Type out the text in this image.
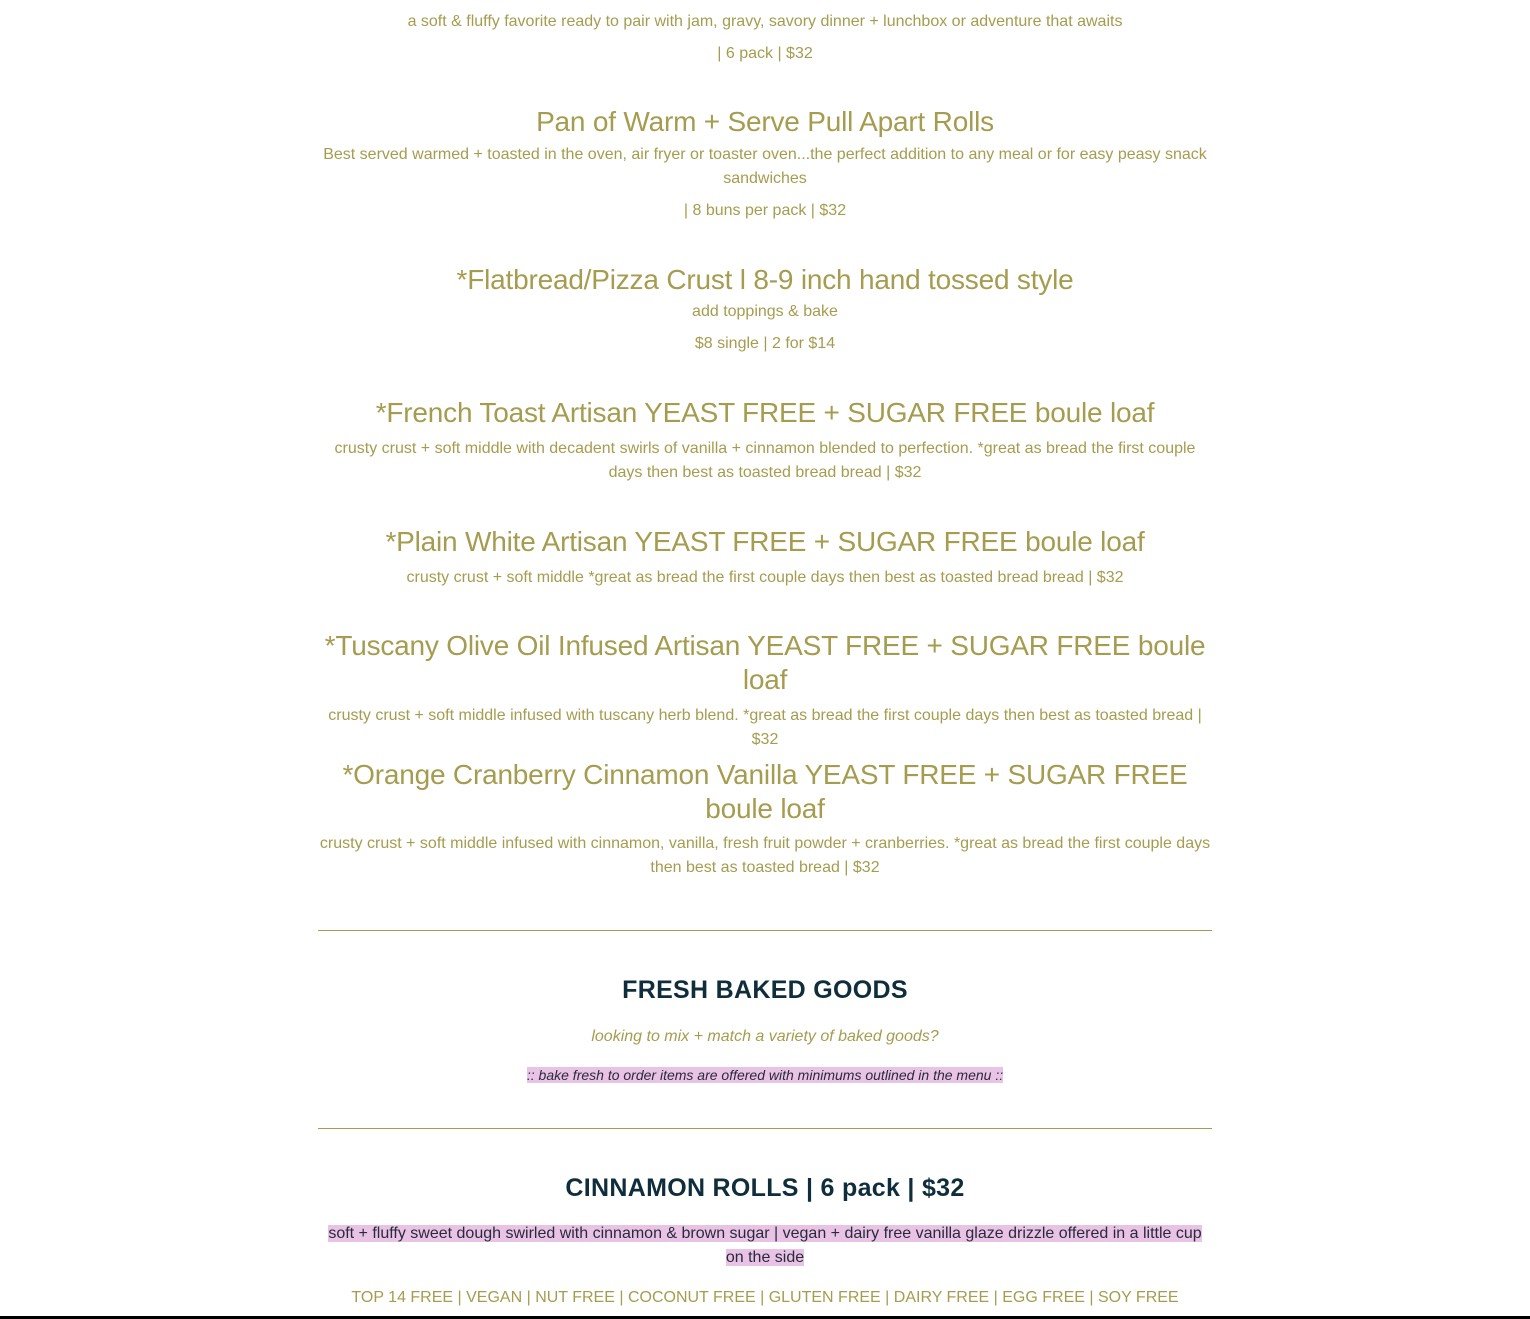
a soft & fluffy favorite ready to pair with jam, gravy, savory dinner + lunchbox or adventure that awaits

| 6 pack | $32

Pan of Warm + Serve Pull Apart Rolls

Best served warmed + toasted in the oven, air fryer or toaster oven...the perfect addition to any meal or for easy peasy snack sandwiches

| 8 buns per pack | $32

*Flatbread/Pizza Crust l 8-9 inch hand tossed style

add toppings & bake

$8 single | 2 for $14

*French Toast Artisan YEAST FREE + SUGAR FREE boule loaf

crusty crust + soft middle with decadent swirls of vanilla + cinnamon blended to perfection. *great as bread the first couple days then best as toasted bread bread | $32

*Plain White Artisan YEAST FREE + SUGAR FREE boule loaf

crusty crust + soft middle *great as bread the first couple days then best as toasted bread bread | $32

*Tuscany Olive Oil Infused Artisan YEAST FREE + SUGAR FREE boule loaf

crusty crust + soft middle infused with tuscany herb blend. *great as bread the first couple days then best as toasted bread | $32

*Orange Cranberry Cinnamon Vanilla YEAST FREE + SUGAR FREE boule loaf

crusty crust + soft middle infused with cinnamon, vanilla, fresh fruit powder + cranberries. *great as bread the first couple days then best as toasted bread | $32

FRESH BAKED GOODS

looking to mix + match a variety of baked goods?

:: bake fresh to order items are offered with minimums outlined in the menu ::

CINNAMON ROLLS | 6 pack | $32

soft + fluffy sweet dough swirled with cinnamon & brown sugar | vegan + dairy free vanilla glaze drizzle offered in a little cup on the side

TOP 14 FREE | VEGAN | NUT FREE | COCONUT FREE | GLUTEN FREE | DAIRY FREE | EGG FREE | SOY FREE
